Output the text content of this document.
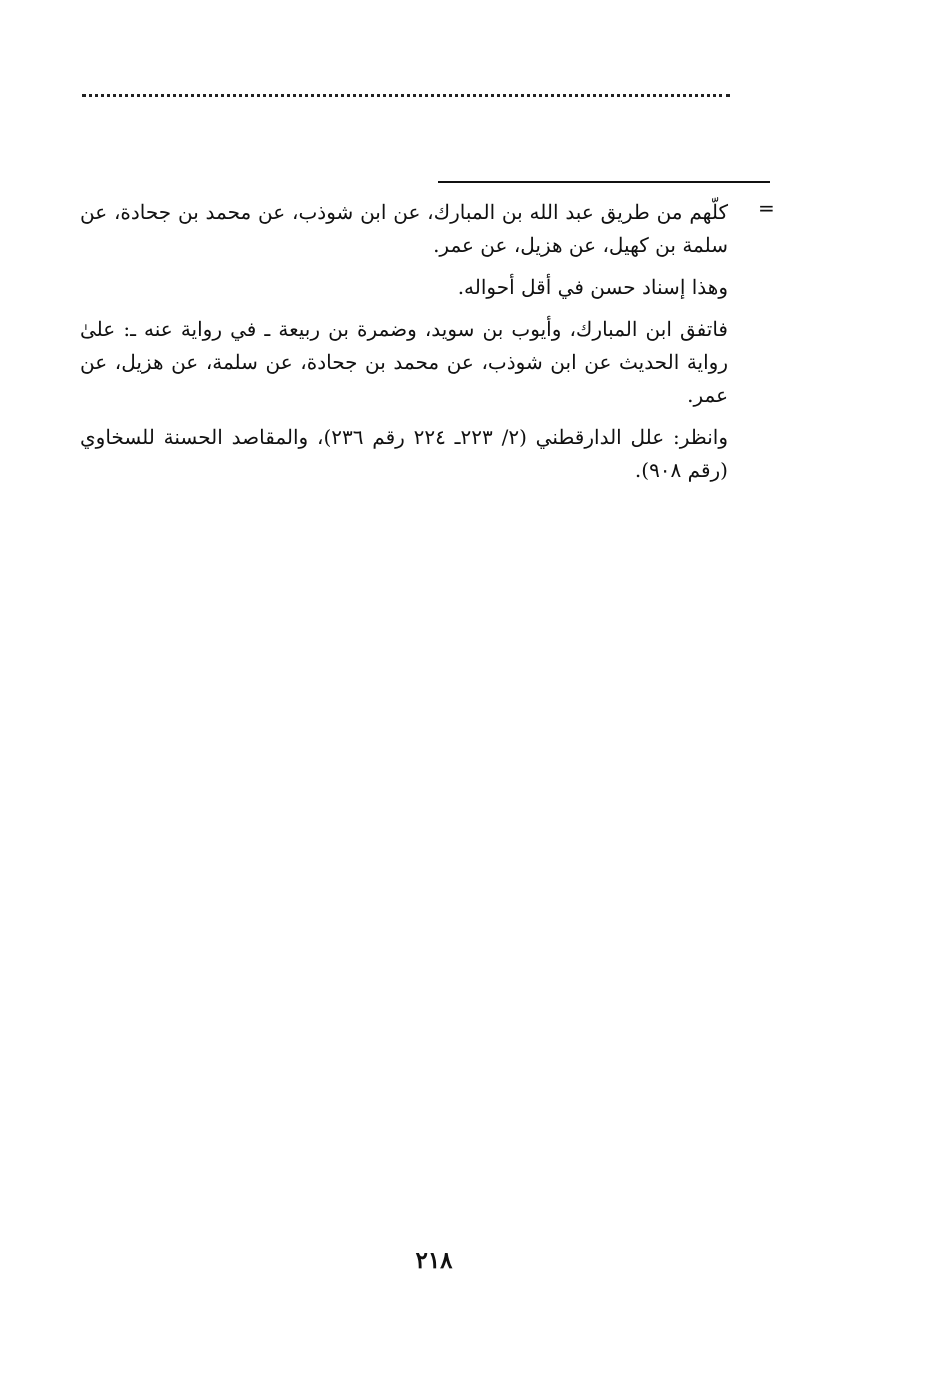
=

كلّهم من طريق عبد الله بن المبارك، عن ابن شوذب، عن محمد بن جحادة، عن سلمة بن كهيل، عن هزيل، عن عمر.

وهذا إسناد حسن في أقل أحواله.

فاتفق ابن المبارك، وأيوب بن سويد، وضمرة بن ربيعة ـ في رواية عنه ـ: علىٰ رواية الحديث عن ابن شوذب، عن محمد بن جحادة، عن سلمة، عن هزيل، عن عمر.

وانظر: علل الدارقطني (٢/ ٢٢٣ـ ٢٢٤ رقم ٢٣٦)، والمقاصد الحسنة للسخاوي (رقم ٩٠٨).

٢١٨
